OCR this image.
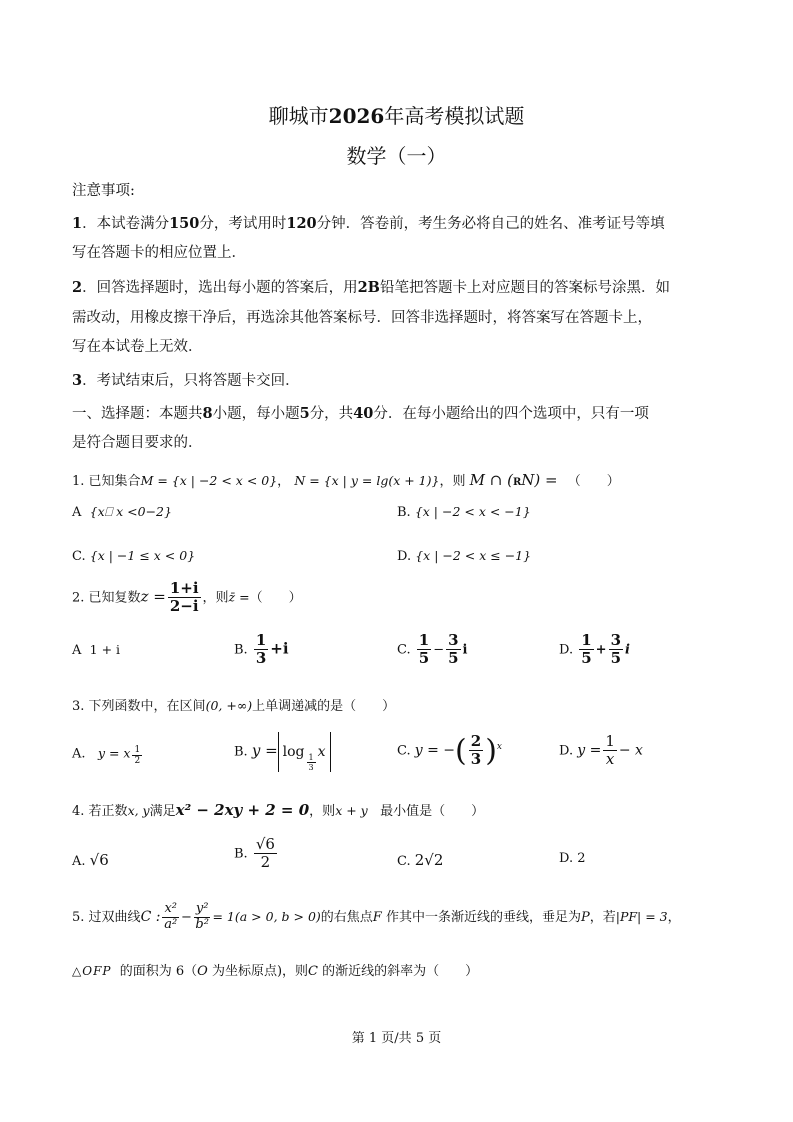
聊城市2026年高考模拟试题
数学（一）
注意事项:
1．本试卷满分150分，考试用时120分钟．答卷前，考生务必将自己的姓名、准考证号等填
写在答题卡的相应位置上．
2．回答选择题时，选出每小题的答案后，用2B铅笔把答题卡上对应题目的答案标号涂黑．如
需改动，用橡皮擦干净后，再选涂其他答案标号．回答非选择题时，将答案写在答题卡上，
写在本试卷上无效．
3．考试结束后，只将答题卡交回．
一、选择题：本题共8小题，每小题5分，共40分．在每小题给出的四个选项中，只有一项
是符合题目要求的．
1. 已知集合M = {x | −2 < x < 0}， N = {x | y = lg(x + 1)}，则 M ∩ (RN) = （　　）
A {x⎕ x <0−2}	B. {x | −2 < x < −1}
C. {x | −1 ≤ x < 0}	D. {x | −2 < x ≤ −1}
2. 已知复数$z = \frac{1+i}{2-i}$ ，则z̄ =（　　）
A 1 + i	B. $\frac{1}{3} +i$	C. $\frac{1}{5} - \frac{3}{5}$ i	D. $\frac{1}{5} + \frac{3}{5}$ i
3. 下列函数中，在区间(0, +∞)上单调递减的是（　　）
A. y = x $\frac{1}{2}$	B. y = log
$\frac{1}{3}$
x	C. y = −( $\frac{2}{3} )^x$	D. $y = \frac{1}{x} - x$
4. 若正数x, y满足x² − 2xy + 2 = 0，则x + y 最小值是（　　）
A. √6	B. $\frac{√6}{2}$	C. 2√2	D. 2
5. 过双曲线C : $\frac{\text{x²}}{\text{a²}} - \frac{\text{y²}}{\text{b²}} = 1(a > 0$, b > 0)的右焦点F 作其中一条渐近线的垂线，垂足为P，若|PF| = 3，
△OFP 的面积为 6（O 为坐标原点)，则C 的渐近线的斜率为（　　）
第 1 页/共 5 页
